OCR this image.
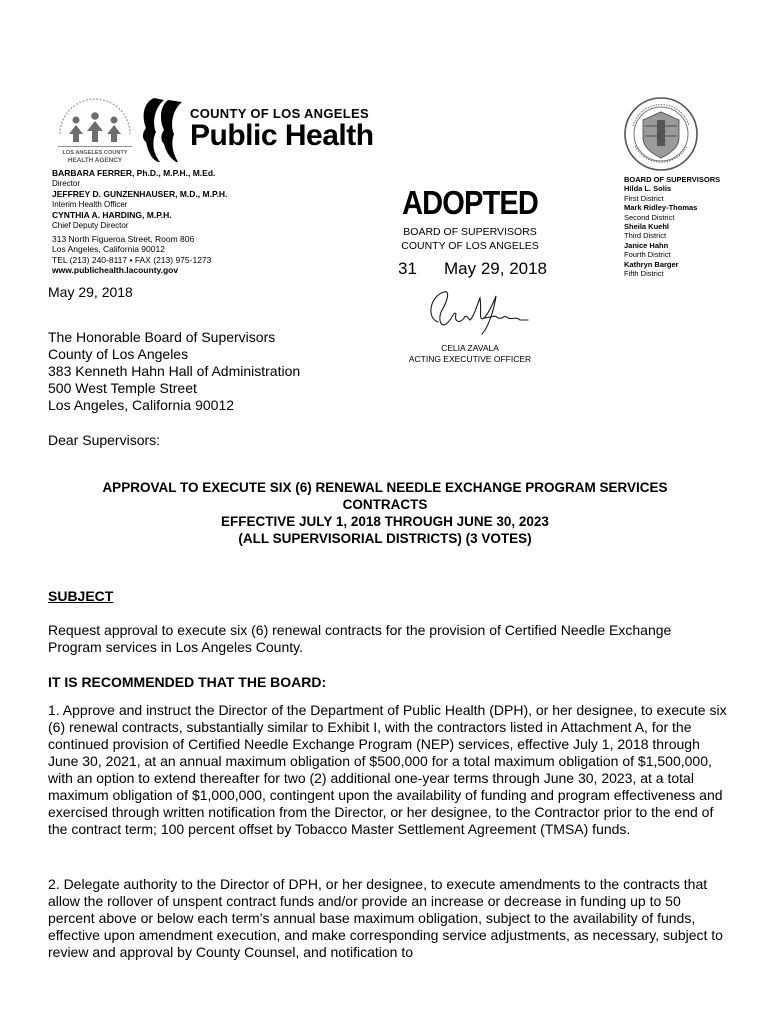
LOS ANGELES COUNTY
HEALTH AGENCY
COUNTY OF LOS ANGELES
Public Health
BARBARA FERRER, Ph.D., M.P.H., M.Ed.
Director
JEFFREY D. GUNZENHAUSER, M.D., M.P.H.
Interim Health Officer
CYNTHIA A. HARDING, M.P.H.
Chief Deputy Director
313 North Figueroa Street, Room 806
Los Angeles, California 90012
TEL (213) 240-8117 • FAX (213) 975-1273
www.publichealth.lacounty.gov
ADOPTED
BOARD OF SUPERVISORS
COUNTY OF LOS ANGELES
31 May 29, 2018
CELIA ZAVALA
ACTING EXECUTIVE OFFICER
BOARD OF SUPERVISORS
Hilda L. Solis
First District
Mark Ridley-Thomas
Second District
Sheila Kuehl
Third District
Janice Hahn
Fourth District
Kathryn Barger
Fifth District
May 29, 2018
The Honorable Board of Supervisors
County of Los Angeles
383 Kenneth Hahn Hall of Administration
500 West Temple Street
Los Angeles, California 90012
Dear Supervisors:
APPROVAL TO EXECUTE SIX (6) RENEWAL NEEDLE EXCHANGE PROGRAM SERVICES
CONTRACTS
EFFECTIVE JULY 1, 2018 THROUGH JUNE 30, 2023
(ALL SUPERVISORIAL DISTRICTS) (3 VOTES)
SUBJECT
Request approval to execute six (6) renewal contracts for the provision of Certified Needle Exchange Program services in Los Angeles County.
IT IS RECOMMENDED THAT THE BOARD:
1. Approve and instruct the Director of the Department of Public Health (DPH), or her designee, to execute six (6) renewal contracts, substantially similar to Exhibit I, with the contractors listed in Attachment A, for the continued provision of Certified Needle Exchange Program (NEP) services, effective July 1, 2018 through June 30, 2021, at an annual maximum obligation of $500,000 for a total maximum obligation of $1,500,000, with an option to extend thereafter for two (2) additional one-year terms through June 30, 2023, at a total maximum obligation of $1,000,000, contingent upon the availability of funding and program effectiveness and exercised through written notification from the Director, or her designee, to the Contractor prior to the end of the contract term; 100 percent offset by Tobacco Master Settlement Agreement (TMSA) funds.
2. Delegate authority to the Director of DPH, or her designee, to execute amendments to the contracts that allow the rollover of unspent contract funds and/or provide an increase or decrease in funding up to 50 percent above or below each term’s annual base maximum obligation, subject to the availability of funds, effective upon amendment execution, and make corresponding service adjustments, as necessary, subject to review and approval by County Counsel, and notification to
